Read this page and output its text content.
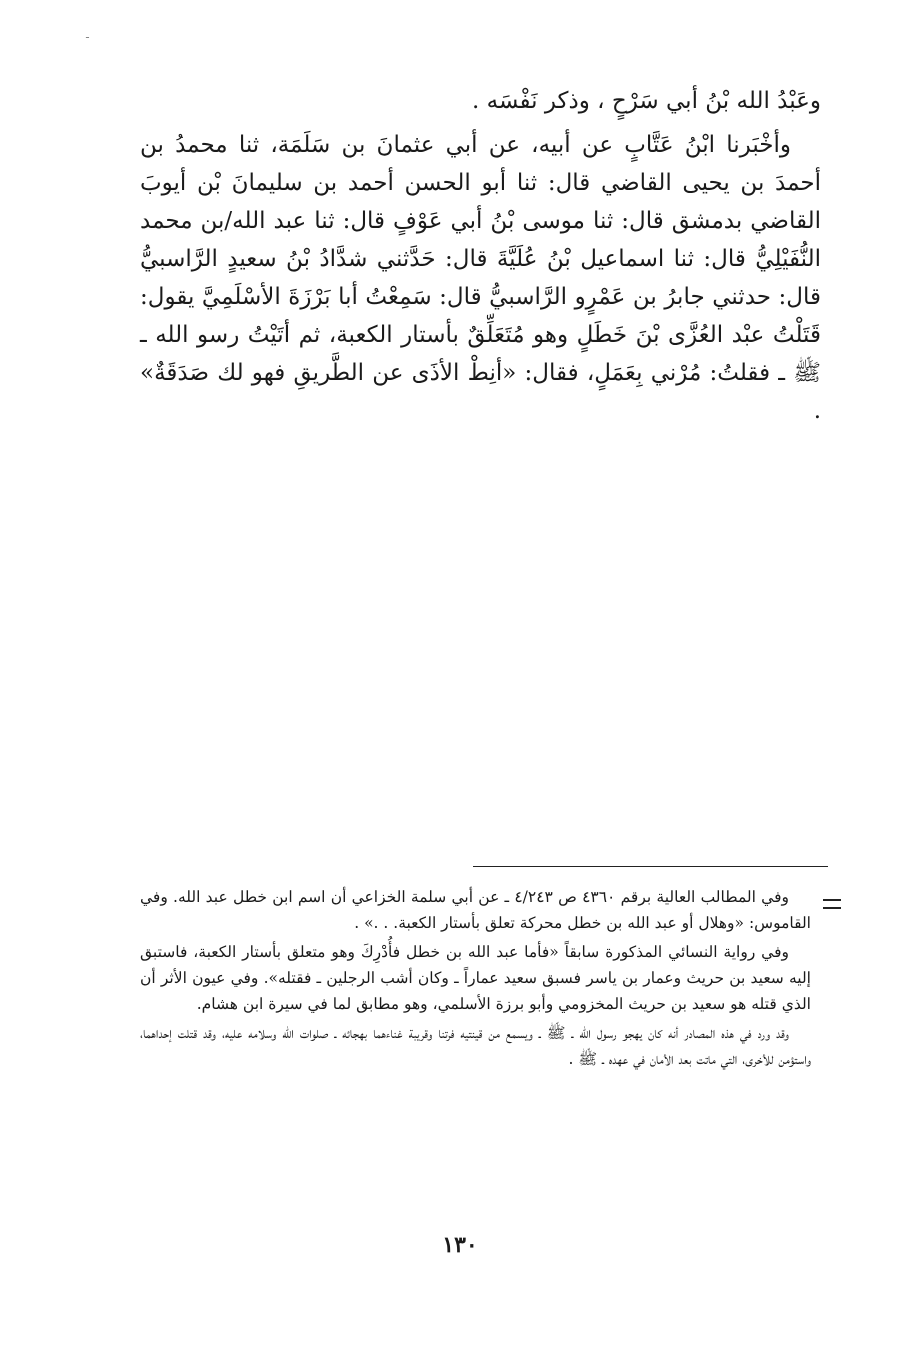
ـ

وعَبْدُ الله بْنُ أبي سَرْحٍ ، وذكر نَفْسَه .

وأخْبَرنا ابْنُ عَتَّابٍ عن أبيه، عن أبي عثمانَ بن سَلَمَة، ثنا محمدُ بن أحمدَ بن يحيى القاضي قال: ثنا أبو الحسن أحمد بن سليمانَ بْن أيوبَ القاضي بدمشق قال: ثنا موسى بْنُ أبي عَوْفٍ قال: ثنا عبد الله/بن محمد النُّفَيْلِيُّ قال: ثنا اسماعيل بْنُ عُلَيَّةَ قال: حَدَّثني شدَّادُ بْنُ سعيدٍ الرَّاسبيُّ قال: حدثني جابرُ بن عَمْرٍو الرَّاسبيُّ قال: سَمِعْتُ أبا بَرْزَةَ الأسْلَمِيَّ يقول: قَتَلْتُ عبْد العُزَّى بْنَ خَطَلٍ وهو مُتَعَلِّقٌ بأستار الكعبة، ثم أتَيْتُ رسو الله ـ ﷺ ـ فقلتُ: مُرْني بِعَمَلٍ، فقال: «أنِطْ الأذَى عن الطَّريقِ فهو لك صَدَقَةٌ» .

وفي المطالب العالية برقم ٤٣٦٠ ص ٤/٢٤٣ ـ عن أبي سلمة الخزاعي أن اسم ابن خطل عبد الله. وفي القاموس: «وهلال أو عبد الله بن خطل محركة تعلق بأستار الكعبة. . .» .

وفي رواية النسائي المذكورة سابقاً «فأما عبد الله بن خطل فأُدْرِكَ وهو متعلق بأستار الكعبة، فاستبق إليه سعيد بن حريث وعمار بن ياسر فسبق سعيد عماراً ـ وكان أشب الرجلين ـ فقتله». وفي عيون الأثر أن الذي قتله هو سعيد بن حريث المخزومي وأبو برزة الأسلمي، وهو مطابق لما في سيرة ابن هشام.

وقد ورد في هذه المصادر أنه كان يهجو رسول الله ـ ﷺ ـ ويسمع من قينتيه فرتنا وقريبة غناءهما بهجائه ـ صلوات الله وسلامه عليه، وقد قتلت إحداهما، واستؤمن للأخرى، التي ماتت بعد الأمان في عهده ـ ﷺ .

١٣٠
